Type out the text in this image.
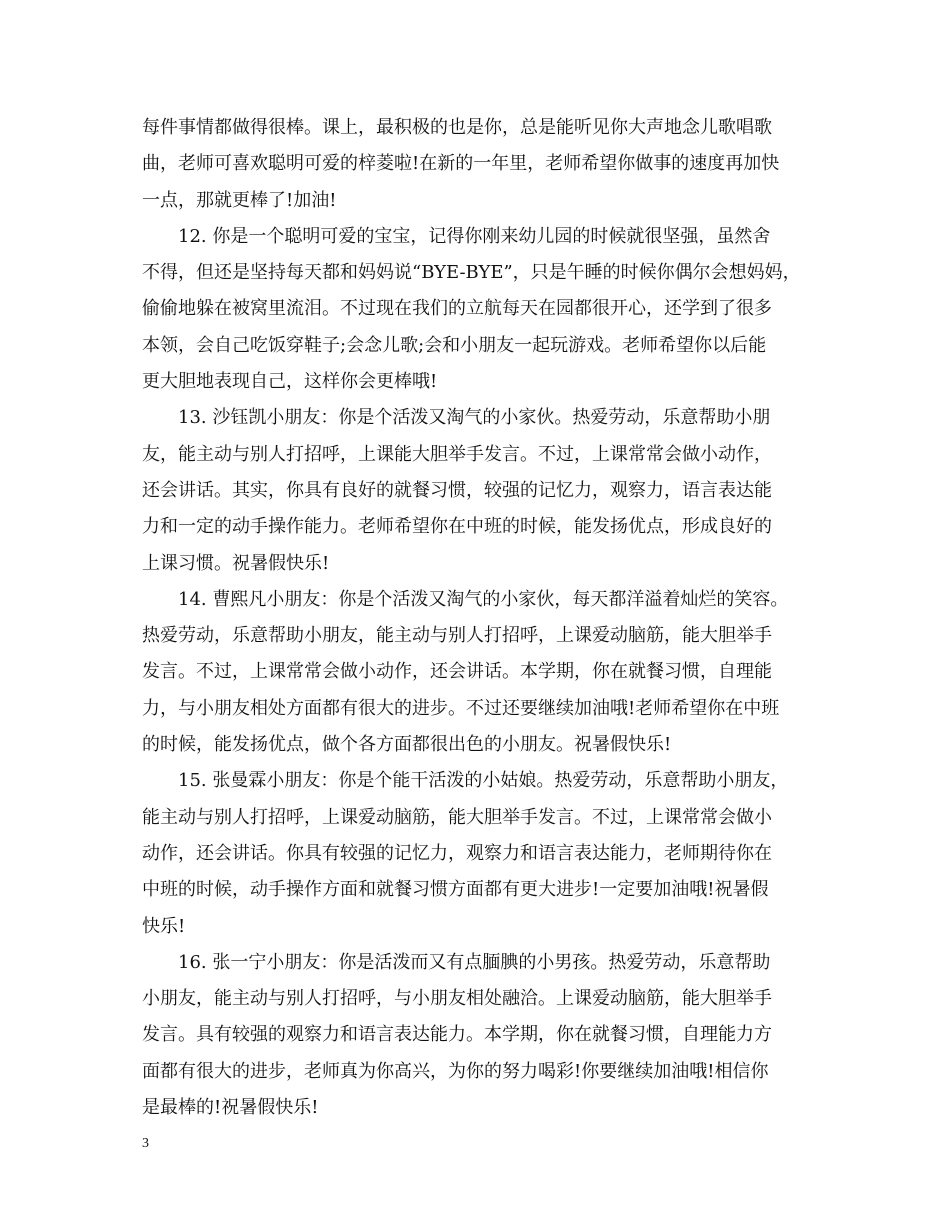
每件事情都做得很棒。课上，最积极的也是你，总是能听见你大声地念儿歌唱歌
曲，老师可喜欢聪明可爱的梓菱啦!在新的一年里，老师希望你做事的速度再加快
一点，那就更棒了!加油!
12. 你是一个聪明可爱的宝宝，记得你刚来幼儿园的时候就很坚强，虽然舍
不得，但还是坚持每天都和妈妈说“BYE-BYE”，只是午睡的时候你偶尔会想妈妈，
偷偷地躲在被窝里流泪。不过现在我们的立航每天在园都很开心，还学到了很多
本领，会自己吃饭穿鞋子;会念儿歌;会和小朋友一起玩游戏。老师希望你以后能
更大胆地表现自己，这样你会更棒哦!
13. 沙钰凯小朋友：你是个活泼又淘气的小家伙。热爱劳动，乐意帮助小朋
友，能主动与别人打招呼，上课能大胆举手发言。不过，上课常常会做小动作，
还会讲话。其实，你具有良好的就餐习惯，较强的记忆力，观察力，语言表达能
力和一定的动手操作能力。老师希望你在中班的时候，能发扬优点，形成良好的
上课习惯。祝暑假快乐!
14. 曹熙凡小朋友：你是个活泼又淘气的小家伙，每天都洋溢着灿烂的笑容。
热爱劳动，乐意帮助小朋友，能主动与别人打招呼，上课爱动脑筋，能大胆举手
发言。不过，上课常常会做小动作，还会讲话。本学期，你在就餐习惯，自理能
力，与小朋友相处方面都有很大的进步。不过还要继续加油哦!老师希望你在中班
的时候，能发扬优点，做个各方面都很出色的小朋友。祝暑假快乐!
15. 张曼霖小朋友：你是个能干活泼的小姑娘。热爱劳动，乐意帮助小朋友，
能主动与别人打招呼，上课爱动脑筋，能大胆举手发言。不过，上课常常会做小
动作，还会讲话。你具有较强的记忆力，观察力和语言表达能力，老师期待你在
中班的时候，动手操作方面和就餐习惯方面都有更大进步!一定要加油哦!祝暑假
快乐!
16. 张一宁小朋友：你是活泼而又有点腼腆的小男孩。热爱劳动，乐意帮助
小朋友，能主动与别人打招呼，与小朋友相处融洽。上课爱动脑筋，能大胆举手
发言。具有较强的观察力和语言表达能力。本学期，你在就餐习惯，自理能力方
面都有很大的进步，老师真为你高兴，为你的努力喝彩!你要继续加油哦!相信你
是最棒的!祝暑假快乐!
3
